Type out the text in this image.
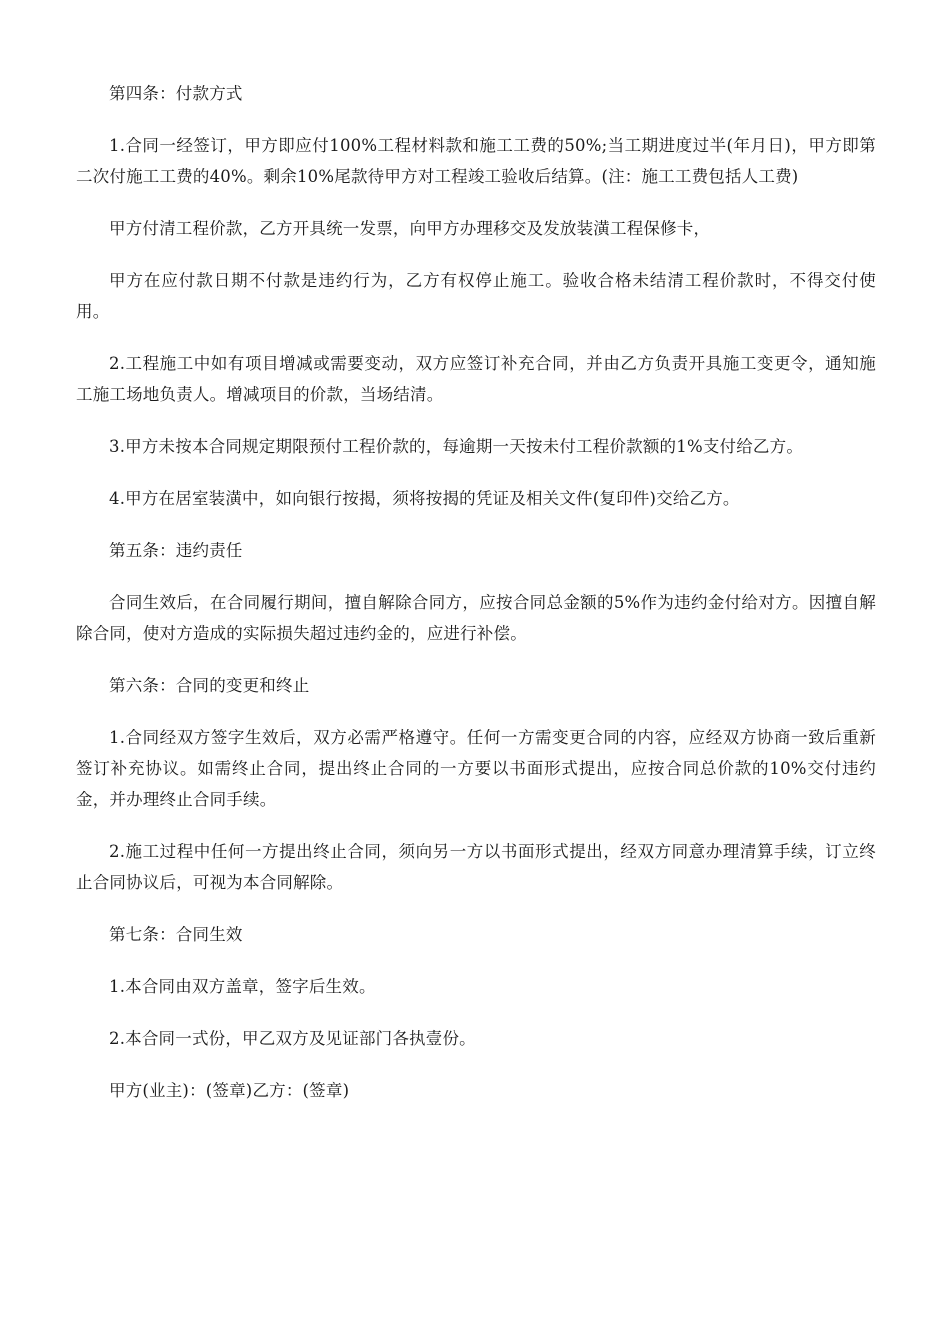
第四条：付款方式

1.合同一经签订，甲方即应付100%工程材料款和施工工费的50%;当工期进度过半(年月日)，甲方即第二次付施工工费的40%。剩余10%尾款待甲方对工程竣工验收后结算。(注：施工工费包括人工费)

甲方付清工程价款，乙方开具统一发票，向甲方办理移交及发放装潢工程保修卡，

甲方在应付款日期不付款是违约行为，乙方有权停止施工。验收合格未结清工程价款时，不得交付使用。

2.工程施工中如有项目增减或需要变动，双方应签订补充合同，并由乙方负责开具施工变更令，通知施工施工场地负责人。增减项目的价款，当场结清。

3.甲方未按本合同规定期限预付工程价款的，每逾期一天按未付工程价款额的1%支付给乙方。

4.甲方在居室装潢中，如向银行按揭，须将按揭的凭证及相关文件(复印件)交给乙方。

第五条：违约责任

合同生效后，在合同履行期间，擅自解除合同方，应按合同总金额的5%作为违约金付给对方。因擅自解除合同，使对方造成的实际损失超过违约金的，应进行补偿。

第六条：合同的变更和终止

1.合同经双方签字生效后，双方必需严格遵守。任何一方需变更合同的内容，应经双方协商一致后重新签订补充协议。如需终止合同，提出终止合同的一方要以书面形式提出，应按合同总价款的10%交付违约金，并办理终止合同手续。

2.施工过程中任何一方提出终止合同，须向另一方以书面形式提出，经双方同意办理清算手续，订立终止合同协议后，可视为本合同解除。

第七条：合同生效

1.本合同由双方盖章，签字后生效。

2.本合同一式份，甲乙双方及见证部门各执壹份。

甲方(业主)：(签章)乙方：(签章)
